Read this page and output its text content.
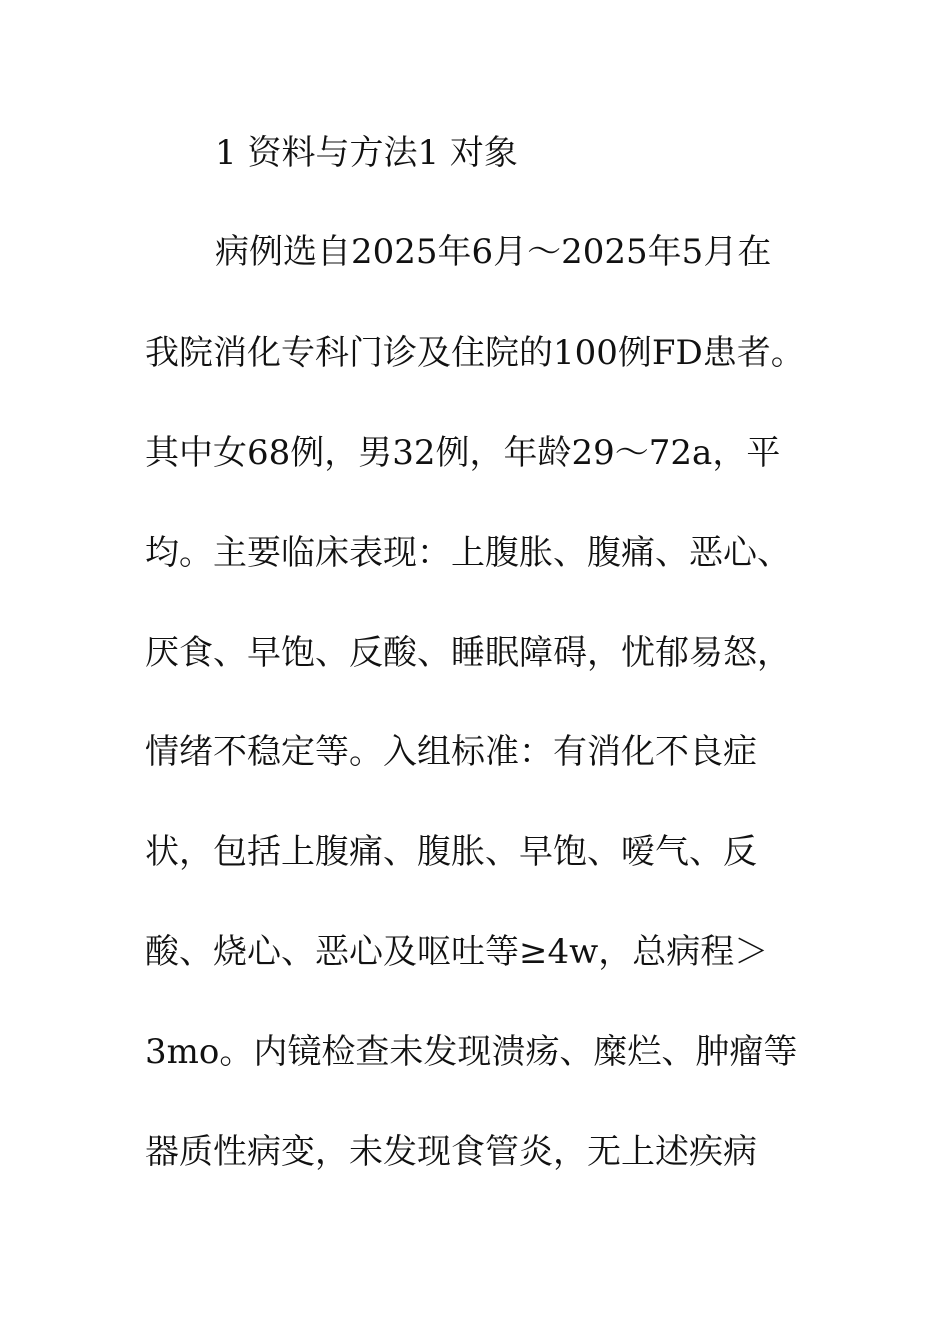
1 资料与方法1 对象
病例选自2025年6月～2025年5月在
我院消化专科门诊及住院的100例FD患者。
其中女68例，男32例，年龄29～72a，平
均。主要临床表现：上腹胀、腹痛、恶心、
厌食、早饱、反酸、睡眠障碍，忧郁易怒，
情绪不稳定等。入组标准：有消化不良症
状，包括上腹痛、腹胀、早饱、嗳气、反
酸、烧心、恶心及呕吐等≥4w，总病程＞
3mo。内镜检查未发现溃疡、糜烂、肿瘤等
器质性病变，未发现食管炎，无上述疾病
